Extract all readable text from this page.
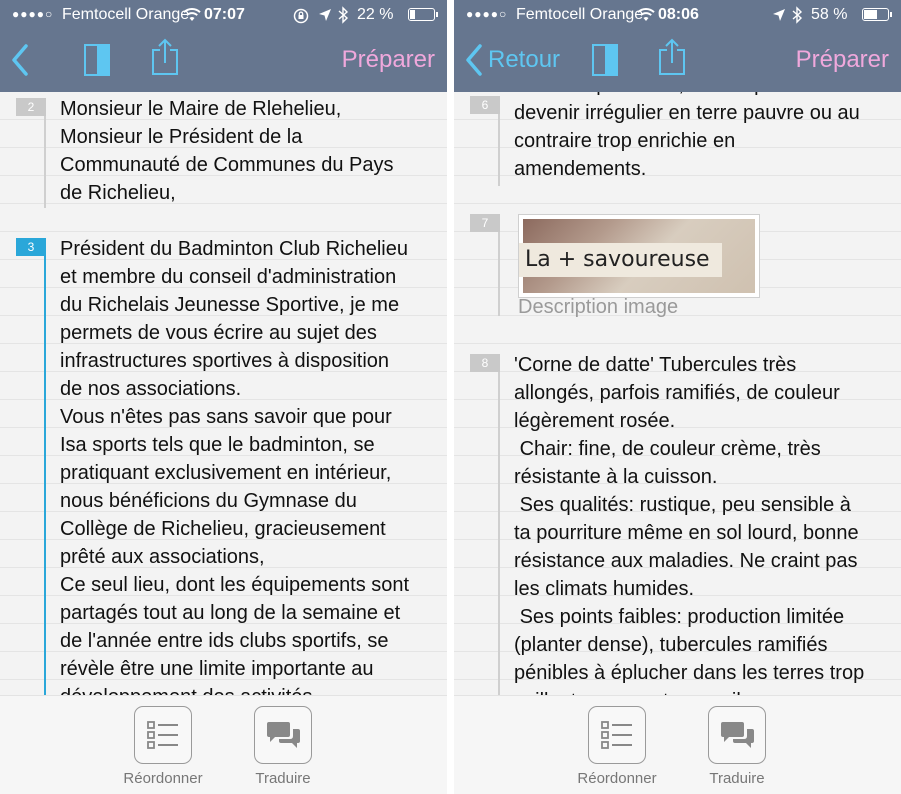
●●●●○ Femtocell Orange 07:07	22 %
Préparer
2	Monsieur le Maire de Rlehelieu,
Monsieur le Président de la
Communauté de Communes du Pays
de Richelieu,

3	Président du Badminton Club Richelieu
et membre du conseil d'administration
du Richelais Jeunesse Sportive, je me
permets de vous écrire au sujet des
infrastructures sportives à disposition
de nos associations.
Vous n'êtes pas sans savoir que pour
Isa sports tels que le badminton, se
pratiquant exclusivement en intérieur,
nous bénéficions du Gymnase du
Collège de Richelieu, gracieusement
prêté aux associations,
Ce seul lieu, dont les équipements sont
partagés tout au long de la semaine et
de l'année entre ids clubs sportifs, se
révèle être une limite importante au

Réordonner	Traduire
●●●●○ Femtocell Orange 08:06	58 %
Retour	Préparer
6	
devenir irrégulier en terre pauvre ou au
contraire trop enrichie en
amendements.

7
La + savoureuse
Description image
8	'Corne de datte' Tubercules très
allongés, parfois ramifiés, de couleur
légèrement rosée.
Chair: fine, de couleur crème, très
résistante à la cuisson.
Ses qualités: rustique, peu sensible à
ta pourriture même en sol lourd, bonne
résistance aux maladies. Ne craint pas
les climats humides.
Ses points faibles: production limitée
(planter dense), tubercules ramifiés
pénibles à éplucher dans les terres trop

Réordonner	Traduire
